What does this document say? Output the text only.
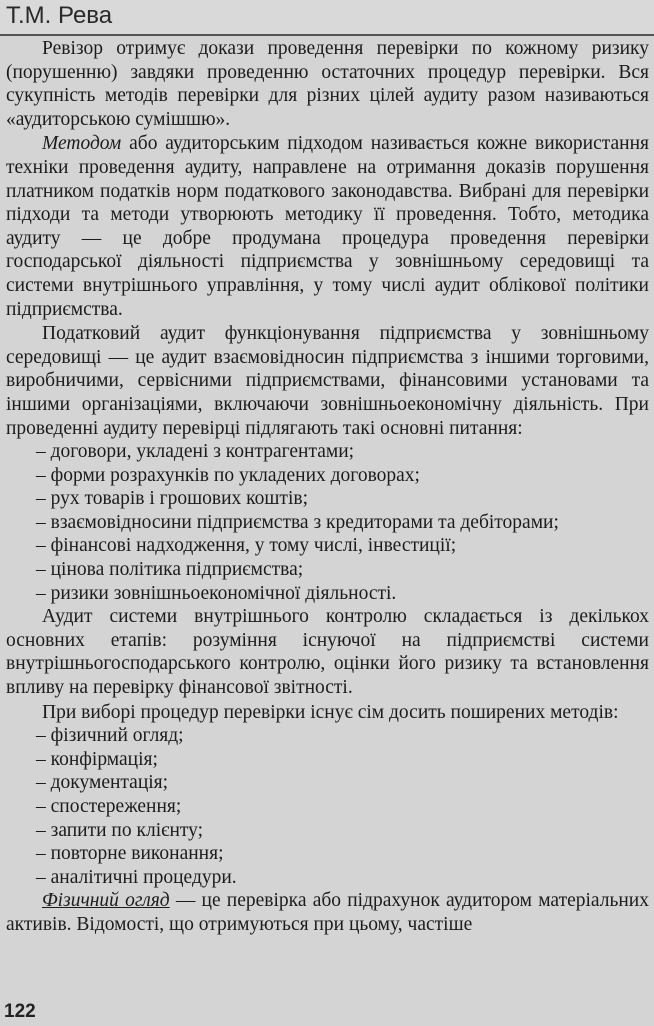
Т.М. Рева

Ревізор отримує докази проведення перевірки по кожному ризику (порушенню) завдяки проведенню остаточних процедур перевірки. Вся сукупність методів перевірки для різних цілей аудиту разом називаються «аудиторською сумішшю».

Методом або аудиторським підходом називається кожне використання техніки проведення аудиту, направлене на отримання доказів порушення платником податків норм податкового законодавства. Вибрані для перевірки підходи та методи утворюють методику її проведення. Тобто, методика аудиту — це добре продумана процедура проведення перевірки господарської діяльності підприємства у зовнішньому середовищі та системи внутрішнього управління, у тому числі аудит облікової політики підприємства.

Податковий аудит функціонування підприємства у зовнішньому середовищі — це аудит взаємовідносин підприємства з іншими торговими, виробничими, сервісними підприємствами, фінансовими установами та іншими організаціями, включаючи зовнішньоекономічну діяльність. При проведенні аудиту перевірці підлягають такі основні питання:

– договори, укладені з контрагентами;
– форми розрахунків по укладених договорах;
– рух товарів і грошових коштів;
– взаємовідносини підприємства з кредиторами та дебіторами;
– фінансові надходження, у тому числі, інвестиції;
– цінова політика підприємства;
– ризики зовнішньоекономічної діяльності.

Аудит системи внутрішнього контролю складається із декількох основних етапів: розуміння існуючої на підприємстві системи внутрішньогосподарського контролю, оцінки його ризику та встановлення впливу на перевірку фінансової звітності.

При виборі процедур перевірки існує сім досить поширених методів:

– фізичний огляд;
– конфірмація;
– документація;
– спостереження;
– запити по клієнту;
– повторне виконання;
– аналітичні процедури.

Фізичний огляд — це перевірка або підрахунок аудитором матеріальних активів. Відомості, що отримуються при цьому, частіше

122
